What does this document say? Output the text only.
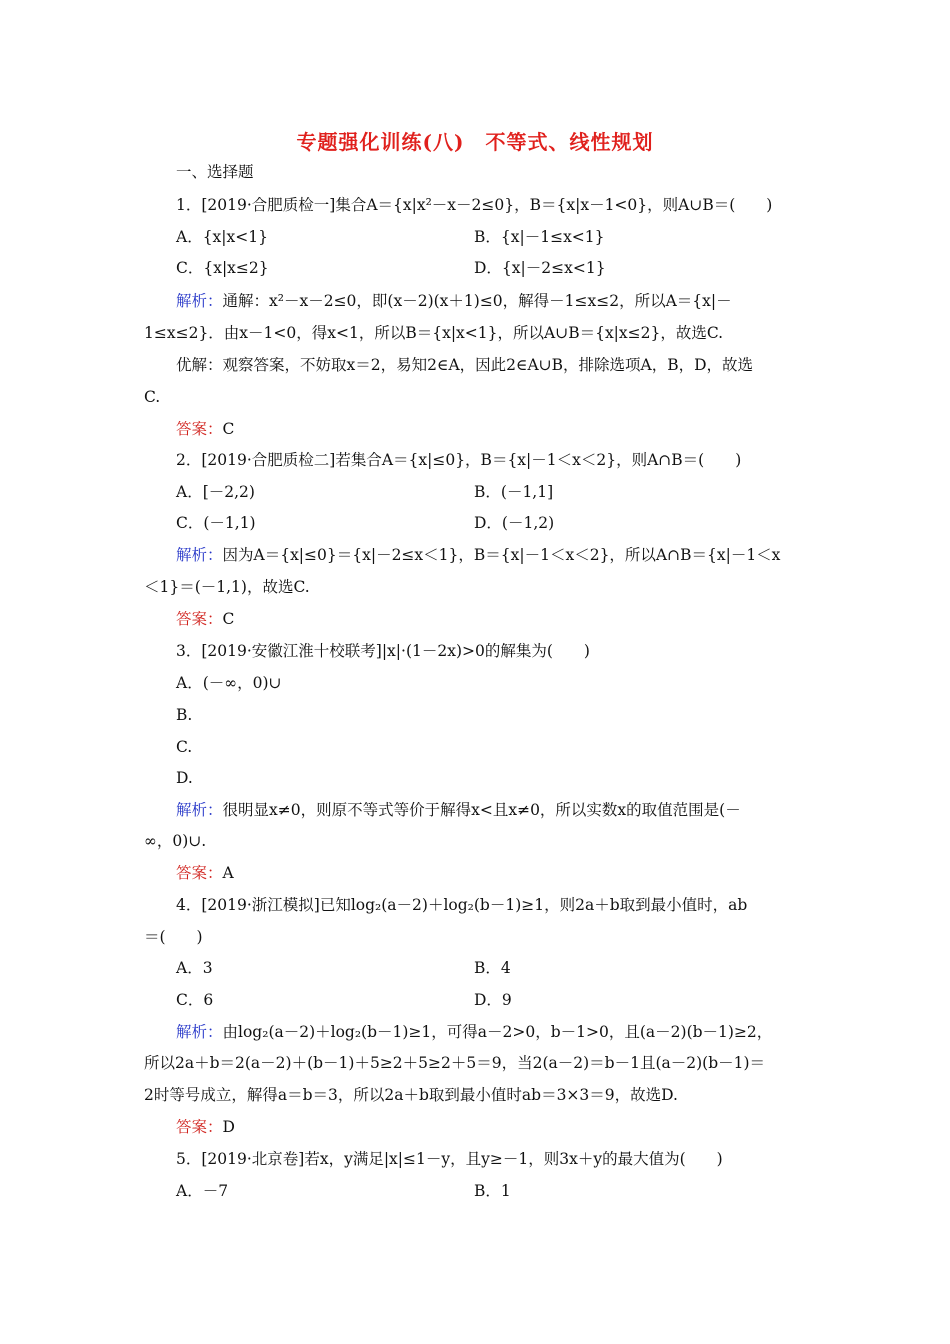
专题强化训练(八)　不等式、线性规划
一、选择题
1．[2019·合肥质检一]集合A＝{x|x²－x－2≤0}，B＝{x|x－1<0}，则A∪B＝(　　)
A．{x|x<1}	B．{x|－1≤x<1}
C．{x|x≤2}	D．{x|－2≤x<1}
解析：通解：x²－x－2≤0，即(x－2)(x＋1)≤0，解得－1≤x≤2，所以A＝{x|－
1≤x≤2}．由x－1<0，得x<1，所以B＝{x|x<1}，所以A∪B＝{x|x≤2}，故选C.
优解：观察答案，不妨取x＝2，易知2∈A，因此2∈A∪B，排除选项A，B，D，故选
C.
答案：C
2．[2019·合肥质检二]若集合A＝{x|≤0}，B＝{x|－1＜x＜2}，则A∩B＝(　　)
A．[－2,2)	B．(－1,1]
C．(－1,1)	D．(－1,2)
解析：因为A＝{x|≤0}＝{x|－2≤x＜1}，B＝{x|－1＜x＜2}，所以A∩B＝{x|－1＜x
＜1}＝(－1,1)，故选C.
答案：C
3．[2019·安徽江淮十校联考]|x|·(1－2x)>0的解集为(　　)
A．(－∞，0)∪
B.
C.
D.
解析：很明显x≠0，则原不等式等价于解得x<且x≠0，所以实数x的取值范围是(－
∞，0)∪.
答案：A
4．[2019·浙江模拟]已知log₂(a－2)＋log₂(b－1)≥1，则2a＋b取到最小值时，ab
＝(　　)
A．3	B．4
C．6	D．9
解析：由log₂(a－2)＋log₂(b－1)≥1，可得a－2>0，b－1>0，且(a－2)(b－1)≥2，
所以2a＋b＝2(a－2)＋(b－1)＋5≥2＋5≥2＋5＝9，当2(a－2)＝b－1且(a－2)(b－1)＝
2时等号成立，解得a＝b＝3，所以2a＋b取到最小值时ab＝3×3＝9，故选D.
答案：D
5．[2019·北京卷]若x，y满足|x|≤1－y，且y≥－1，则3x＋y的最大值为(　　)
A．－7	B．1
